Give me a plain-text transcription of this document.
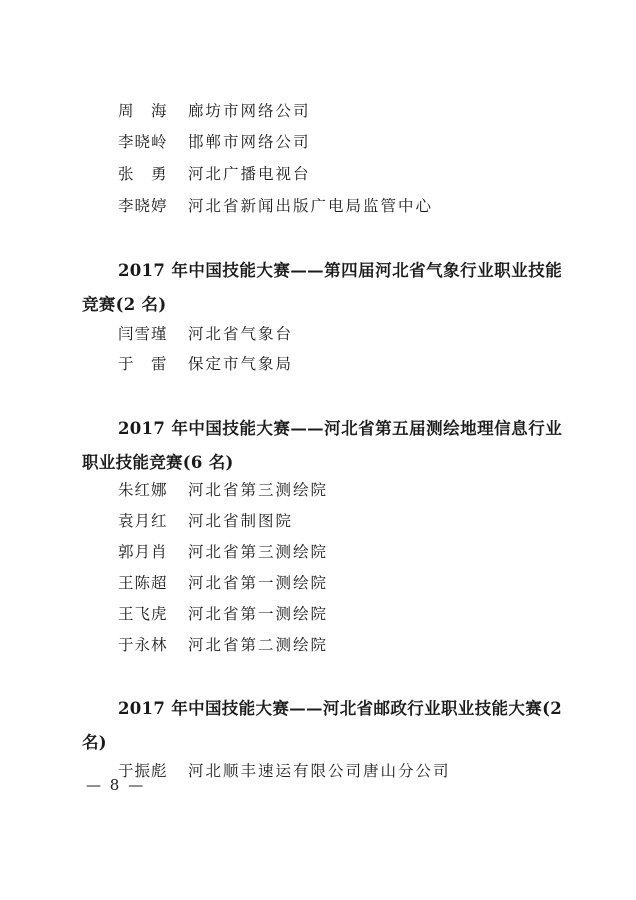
周　海 廊坊市网络公司
李晓岭 邯郸市网络公司
张　勇 河北广播电视台
李晓婷 河北省新闻出版广电局监管中心
2017 年中国技能大赛——第四届河北省气象行业职业技能
竞赛(2 名)
闫雪瑾 河北省气象台
于　雷 保定市气象局
2017 年中国技能大赛——河北省第五届测绘地理信息行业
职业技能竞赛(6 名)
朱红娜 河北省第三测绘院
袁月红 河北省制图院
郭月肖 河北省第三测绘院
王陈超 河北省第一测绘院
王飞虎 河北省第一测绘院
于永林 河北省第二测绘院
2017 年中国技能大赛——河北省邮政行业职业技能大赛(2
名)
于振彪 河北顺丰速运有限公司唐山分公司
— 8 —
